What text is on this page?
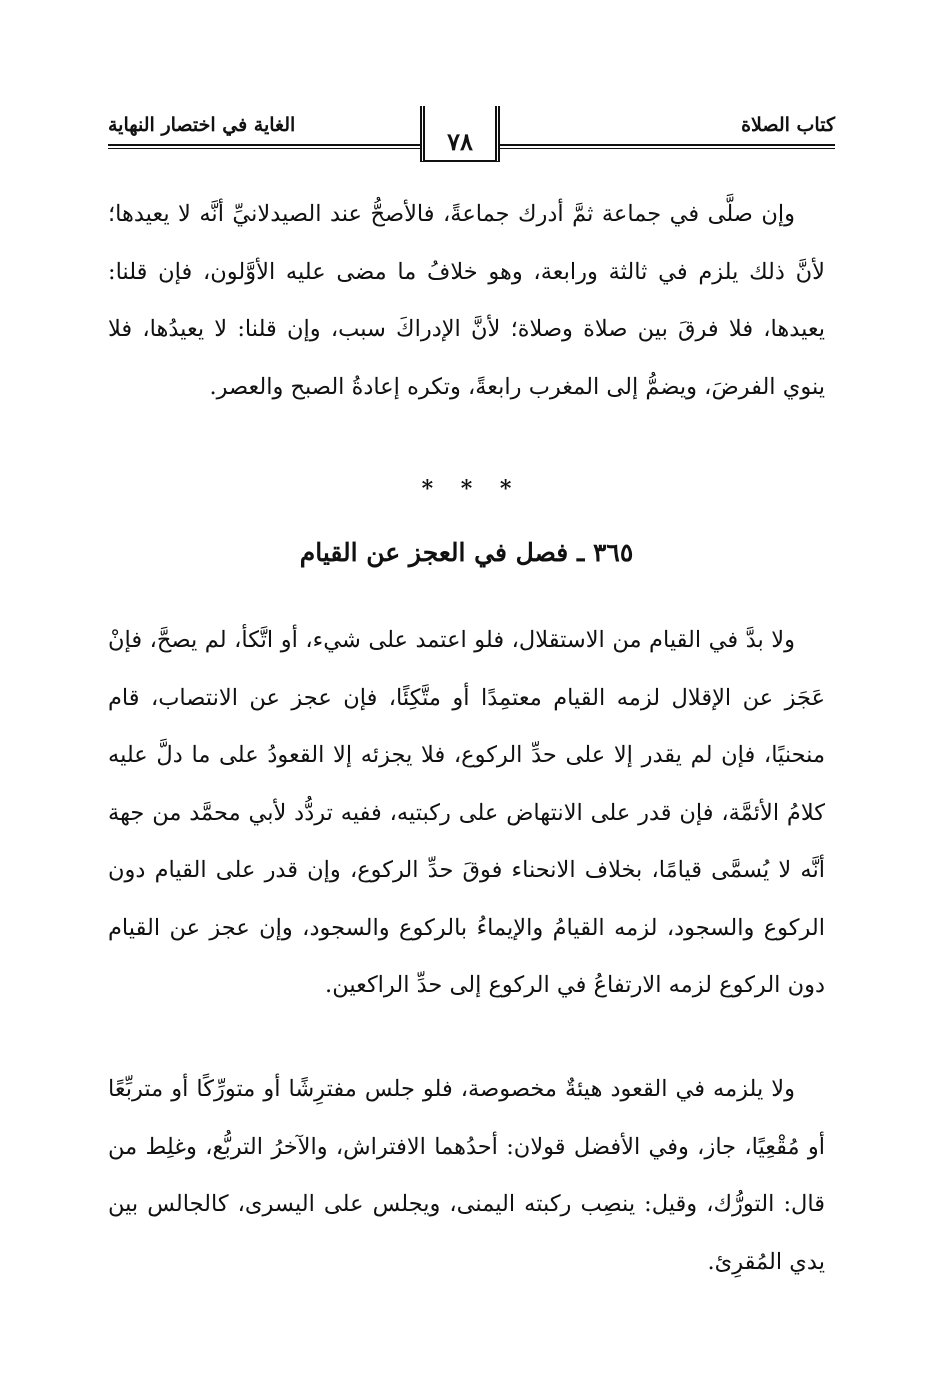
كتاب الصلاة
الغاية في اختصار النهاية
٧٨

وإن صلَّى في جماعة ثمَّ أدرك جماعةً، فالأصحُّ عند الصيدلانيِّ أنَّه لا يعيدها؛ لأنَّ ذلك يلزم في ثالثة ورابعة، وهو خلافُ ما مضى عليه الأوَّلون، فإن قلنا: يعيدها، فلا فرقَ بين صلاة وصلاة؛ لأنَّ الإدراكَ سبب، وإن قلنا: لا يعيدُها، فلا ينوي الفرضَ، ويضمُّ إلى المغرب رابعةً، وتكره إعادةُ الصبح والعصر.

* * *
٣٦٥ ـ فصل في العجز عن القيام

ولا بدَّ في القيام من الاستقلال، فلو اعتمد على شيء، أو اتَّكأ، لم يصحَّ، فإنْ عَجَز عن الإقلال لزمه القيام معتمِدًا أو متَّكِئًا، فإن عجز عن الانتصاب، قام منحنيًا، فإن لم يقدر إلا على حدِّ الركوع، فلا يجزئه إلا القعودُ على ما دلَّ عليه كلامُ الأئمَّة، فإن قدر على الانتهاض على ركبتيه، ففيه تردُّد لأبي محمَّد من جهة أنَّه لا يُسمَّى قيامًا، بخلاف الانحناء فوقَ حدِّ الركوع، وإن قدر على القيام دون الركوع والسجود، لزمه القيامُ والإيماءُ بالركوع والسجود، وإن عجز عن القيام دون الركوع لزمه الارتفاعُ في الركوع إلى حدِّ الراكعين.

ولا يلزمه في القعود هيئةٌ مخصوصة، فلو جلس مفترِشًا أو متورِّكًا أو متربِّعًا أو مُقْعِيًا، جاز، وفي الأفضل قولان: أحدُهما الافتراش، والآخرُ التربُّع، وغلِط من قال: التورُّك، وقيل: ينصِب ركبته اليمنى، ويجلس على اليسرى، كالجالس بين يدي المُقرِئ.
